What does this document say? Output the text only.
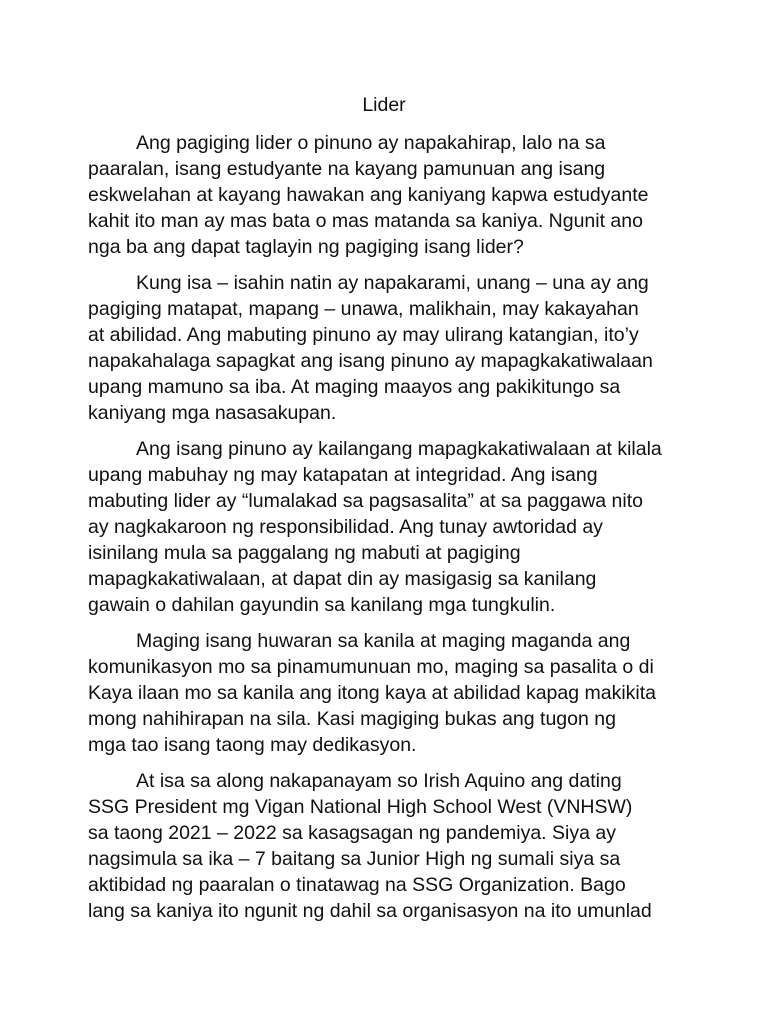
Lider

Ang pagiging lider o pinuno ay napakahirap, lalo na sa
paaralan, isang estudyante na kayang pamunuan ang isang
eskwelahan at kayang hawakan ang kaniyang kapwa estudyante
kahit ito man ay mas bata o mas matanda sa kaniya. Ngunit ano
nga ba ang dapat taglayin ng pagiging isang lider?

Kung isa – isahin natin ay napakarami, unang – una ay ang
pagiging matapat, mapang – unawa, malikhain, may kakayahan
at abilidad. Ang mabuting pinuno ay may ulirang katangian, ito’y
napakahalaga sapagkat ang isang pinuno ay mapagkakatiwalaan
upang mamuno sa iba. At maging maayos ang pakikitungo sa
kaniyang mga nasasakupan.

Ang isang pinuno ay kailangang mapagkakatiwalaan at kilala
upang mabuhay ng may katapatan at integridad. Ang isang
mabuting lider ay “lumalakad sa pagsasalita” at sa paggawa nito
ay nagkakaroon ng responsibilidad. Ang tunay awtoridad ay
isinilang mula sa paggalang ng mabuti at pagiging
mapagkakatiwalaan, at dapat din ay masigasig sa kanilang
gawain o dahilan gayundin sa kanilang mga tungkulin.

Maging isang huwaran sa kanila at maging maganda ang
komunikasyon mo sa pinamumunuan mo, maging sa pasalita o di
Kaya ilaan mo sa kanila ang itong kaya at abilidad kapag makikita
mong nahihirapan na sila. Kasi magiging bukas ang tugon ng
mga tao isang taong may dedikasyon.

At isa sa along nakapanayam so Irish Aquino ang dating
SSG President mg Vigan National High School West (VNHSW)
sa taong 2021 – 2022 sa kasagsagan ng pandemiya. Siya ay
nagsimula sa ika – 7 baitang sa Junior High ng sumali siya sa
aktibidad ng paaralan o tinatawag na SSG Organization. Bago
lang sa kaniya ito ngunit ng dahil sa organisasyon na ito umunlad
